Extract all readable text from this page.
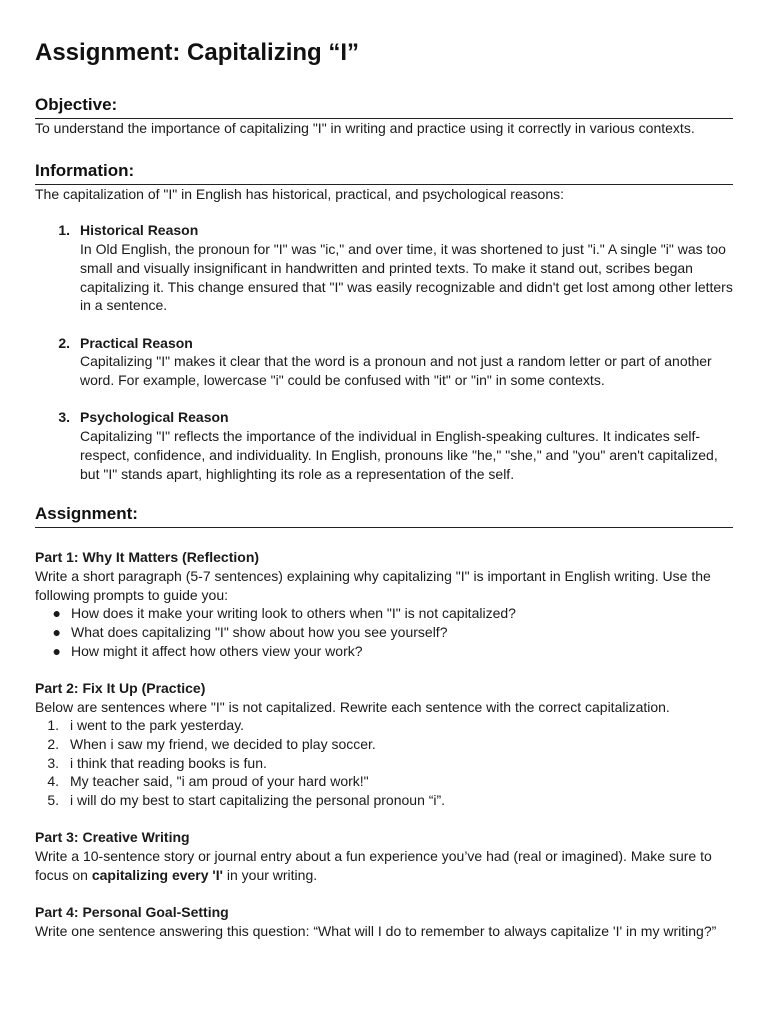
Assignment: Capitalizing “I”
Objective:

To understand the importance of capitalizing "I" in writing and practice using it correctly in various contexts.

Information:

The capitalization of "I" in English has historical, practical, and psychological reasons:

1. Historical Reason
In Old English, the pronoun for "I" was "ic," and over time, it was shortened to just "i." A single "i" was too small and visually insignificant in handwritten and printed texts. To make it stand out, scribes began capitalizing it. This change ensured that "I" was easily recognizable and didn't get lost among other letters in a sentence.
2. Practical Reason
Capitalizing "I" makes it clear that the word is a pronoun and not just a random letter or part of another word. For example, lowercase "i" could be confused with "it" or "in" in some contexts.
3. Psychological Reason
Capitalizing "I" reflects the importance of the individual in English-speaking cultures. It indicates self-respect, confidence, and individuality. In English, pronouns like "he," "she," and "you" aren't capitalized, but "I" stands apart, highlighting its role as a representation of the self.
Assignment:
Part 1: Why It Matters (Reflection)
Write a short paragraph (5-7 sentences) explaining why capitalizing "I" is important in English writing. Use the following prompts to guide you:
● How does it make your writing look to others when "I" is not capitalized?
● What does capitalizing "I" show about how you see yourself?
● How might it affect how others view your work?
Part 2: Fix It Up (Practice)
Below are sentences where "I" is not capitalized. Rewrite each sentence with the correct capitalization.
1. i went to the park yesterday.
2. When i saw my friend, we decided to play soccer.
3. i think that reading books is fun.
4. My teacher said, "i am proud of your hard work!"
5. i will do my best to start capitalizing the personal pronoun “i”.
Part 3: Creative Writing
Write a 10-sentence story or journal entry about a fun experience you’ve had (real or imagined). Make sure to focus on capitalizing every 'I' in your writing.
Part 4: Personal Goal-Setting
Write one sentence answering this question: “What will I do to remember to always capitalize 'I' in my writing?”
